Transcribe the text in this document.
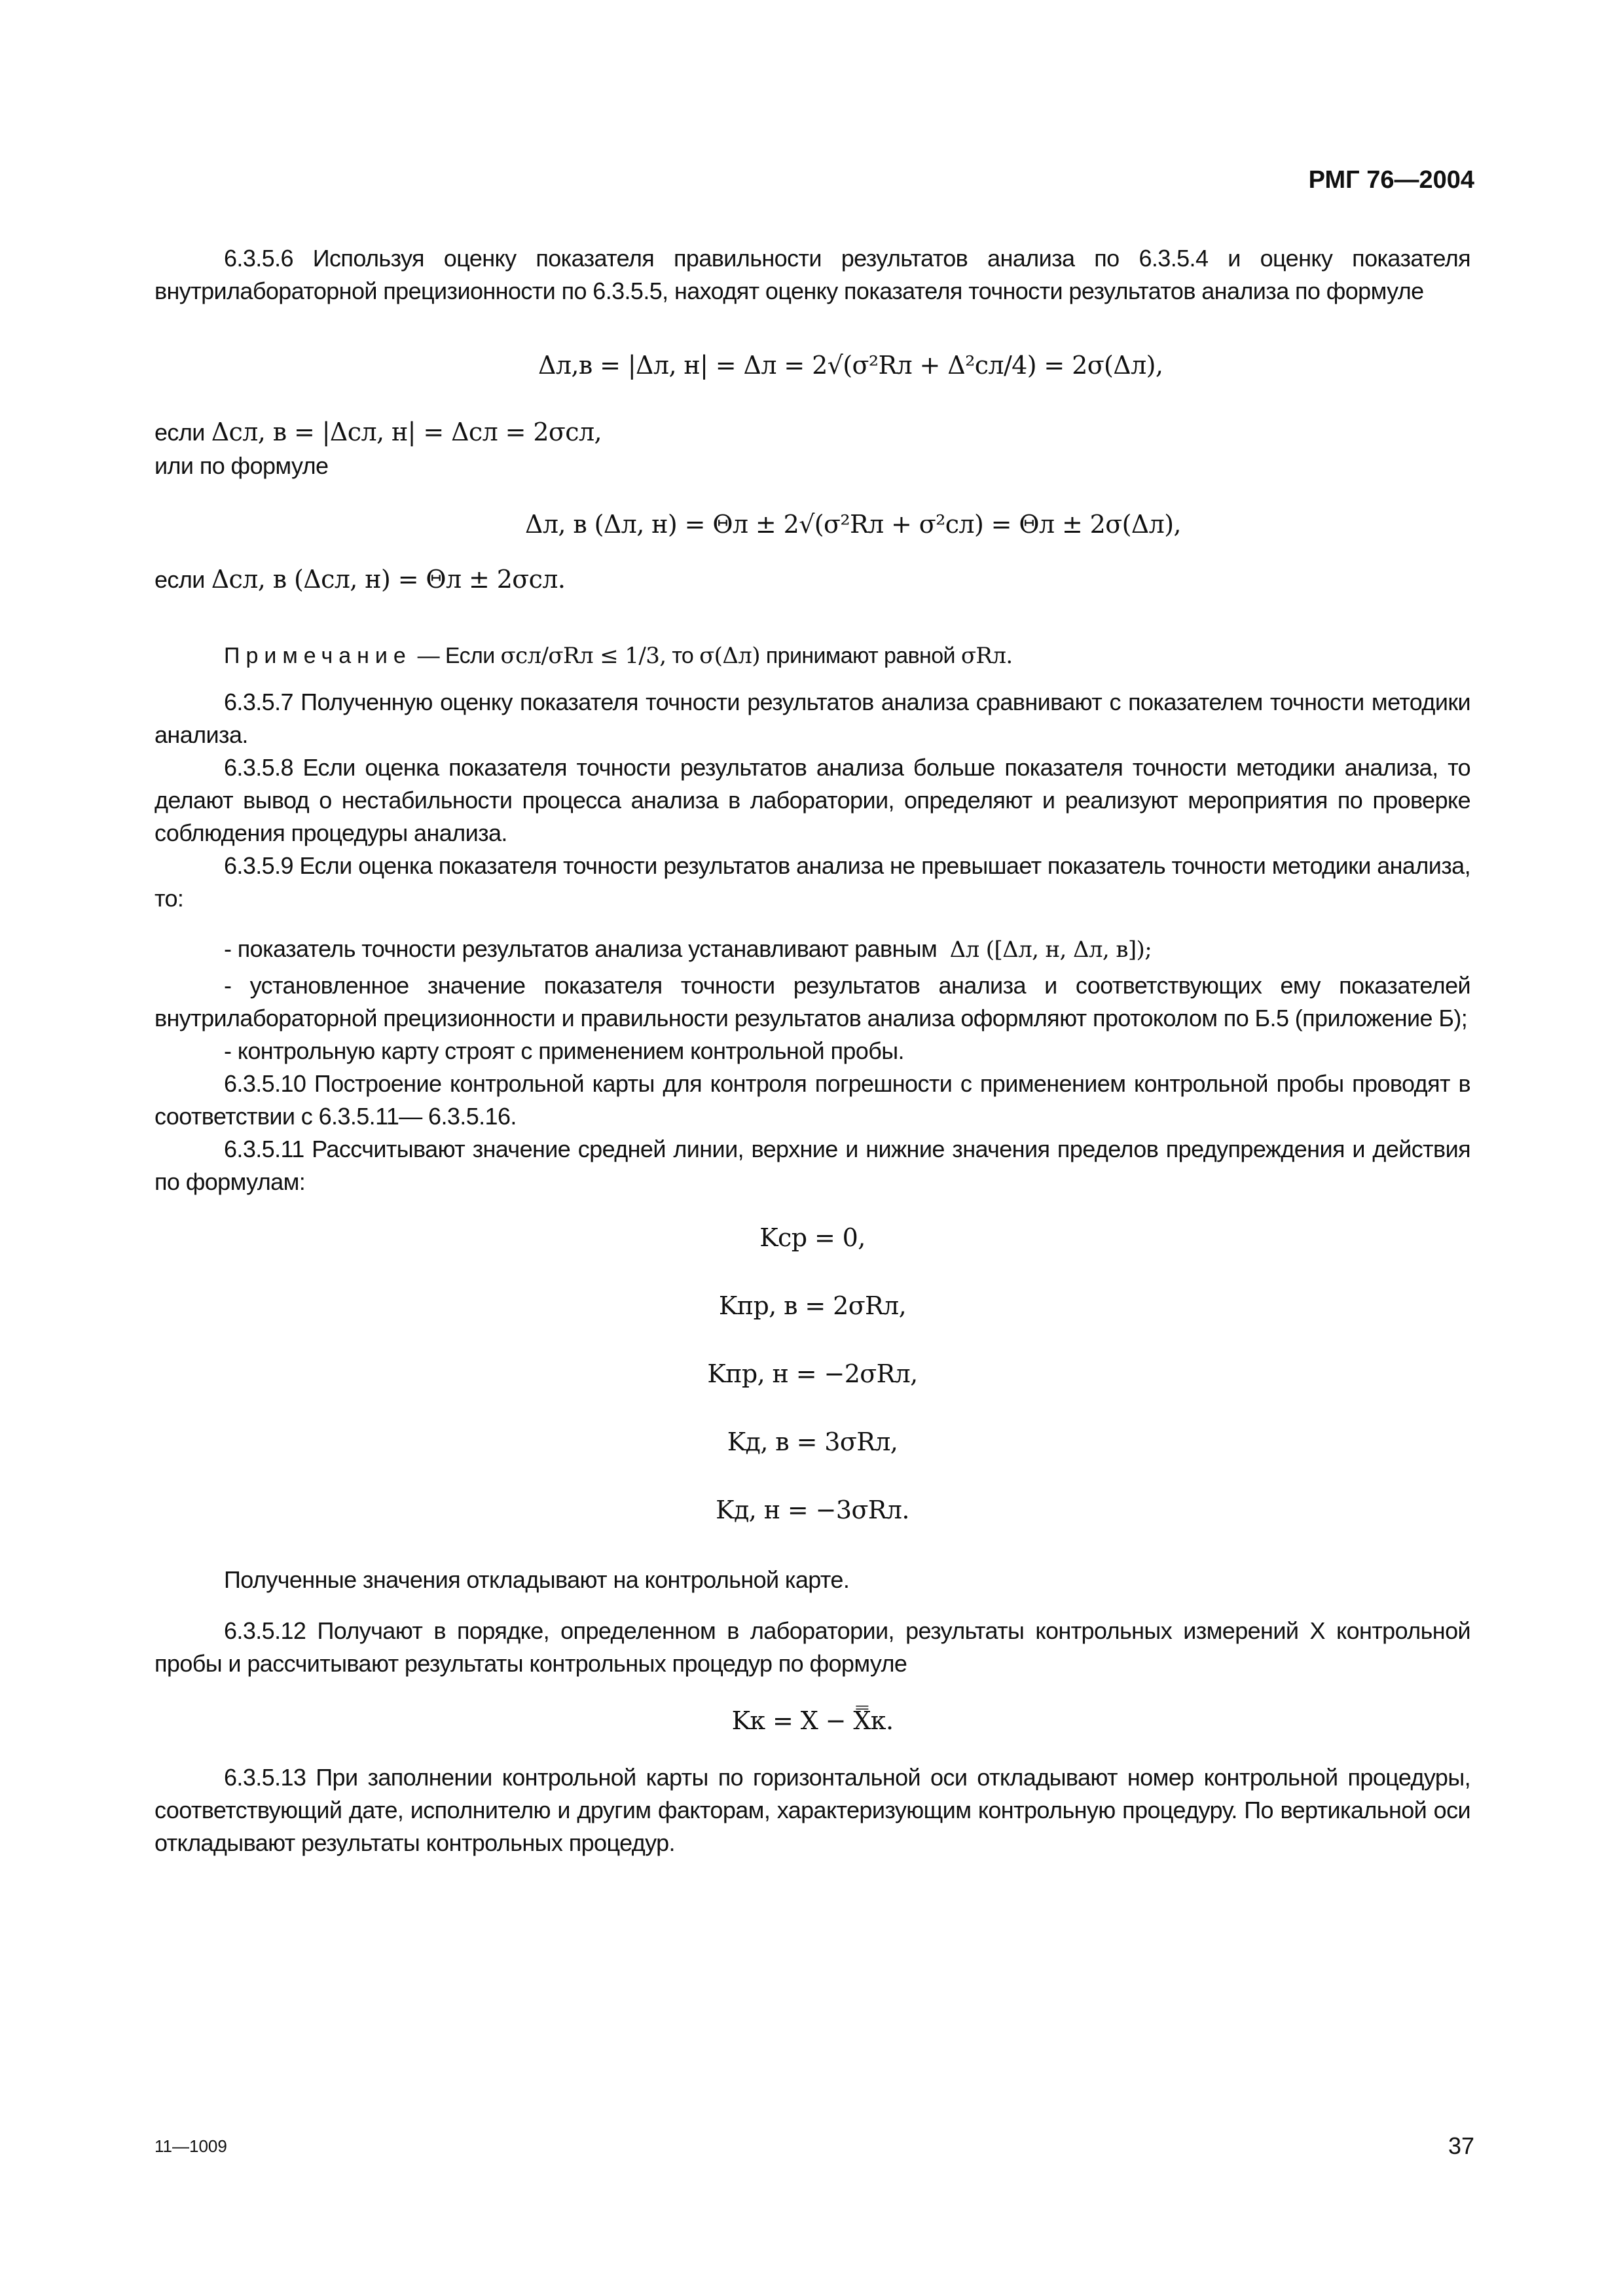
РМГ 76—2004

6.3.5.6 Используя оценку показателя правильности результатов анализа по 6.3.5.4 и оценку показателя внутрилабораторной прецизионности по 6.3.5.5, находят оценку показателя точности результатов анализа по формуле

Δл,в = |Δл, н| = Δл = 2√(σ²Rл + Δ²cл/4) = 2σ(Δл),

если Δcл, в = |Δcл, н| = Δcл = 2σcл,

или по формуле

Δл, в (Δл, н) = Θл ± 2√(σ²Rл + σ²cл) = Θл ± 2σ(Δл),

если Δcл, в (Δcл, н) = Θл ± 2σcл.

Примечание — Если σcл/σRл ≤ 1/3, то σ(Δл) принимают равной σRл.

6.3.5.7 Полученную оценку показателя точности результатов анализа сравнивают с показателем точности методики анализа.

6.3.5.8 Если оценка показателя точности результатов анализа больше показателя точности методики анализа, то делают вывод о нестабильности процесса анализа в лаборатории, определяют и реализуют мероприятия по проверке соблюдения процедуры анализа.

6.3.5.9 Если оценка показателя точности результатов анализа не превышает показатель точности методики анализа, то:

- показатель точности результатов анализа устанавливают равным Δл ([Δл, н, Δл, в]);

- установленное значение показателя точности результатов анализа и соответствующих ему показателей внутрилабораторной прецизионности и правильности результатов анализа оформляют протоколом по Б.5 (приложение Б);

- контрольную карту строят с применением контрольной пробы.

6.3.5.10 Построение контрольной карты для контроля погрешности с применением контрольной пробы проводят в соответствии с 6.3.5.11— 6.3.5.16.

6.3.5.11 Рассчитывают значение средней линии, верхние и нижние значения пределов предупреждения и действия по формулам:

Kср = 0,
Kпр, в = 2σRл,
Kпр, н = −2σRл,
Kд, в = 3σRл,
Kд, н = −3σRл.

Полученные значения откладывают на контрольной карте.

6.3.5.12 Получают в порядке, определенном в лаборатории, результаты контрольных измерений X контрольной пробы и рассчитывают результаты контрольных процедур по формуле

Kк = X − X̿к.

6.3.5.13 При заполнении контрольной карты по горизонтальной оси откладывают номер контрольной процедуры, соответствующий дате, исполнителю и другим факторам, характеризующим контрольную процедуру. По вертикальной оси откладывают результаты контрольных процедур.

11—1009	37
